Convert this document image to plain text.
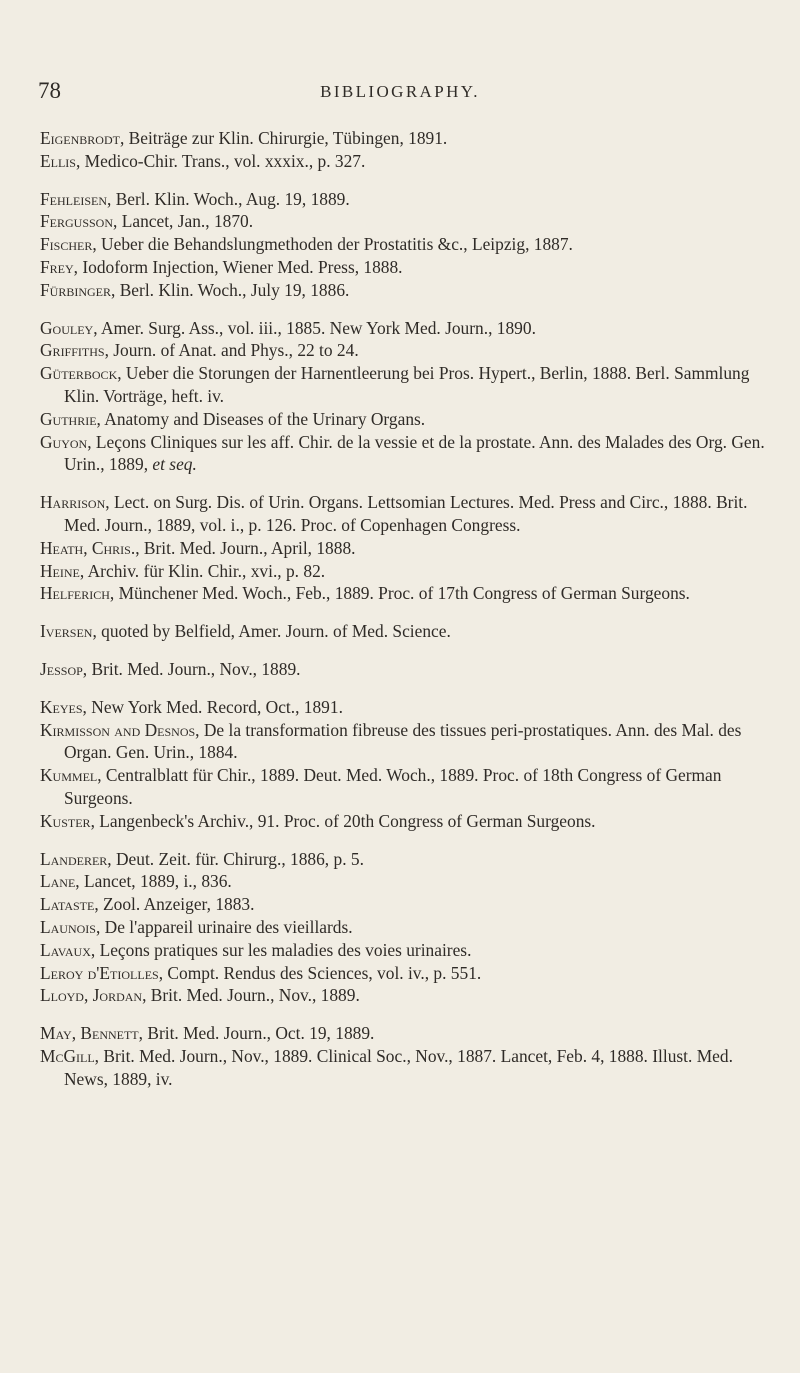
78	BIBLIOGRAPHY.
Eigenbrodt, Beiträge zur Klin. Chirurgie, Tübingen, 1891.
Ellis, Medico-Chir. Trans., vol. xxxix., p. 327.
Fehleisen, Berl. Klin. Woch., Aug. 19, 1889.
Fergusson, Lancet, Jan., 1870.
Fischer, Ueber die Behandslungmethoden der Prostatitis &c., Leipzig, 1887.
Frey, Iodoform Injection, Wiener Med. Press, 1888.
Fürbinger, Berl. Klin. Woch., July 19, 1886.
Gouley, Amer. Surg. Ass., vol. iii., 1885. New York Med. Journ., 1890.
Griffiths, Journ. of Anat. and Phys., 22 to 24.
Güterbock, Ueber die Storungen der Harnentleerung bei Pros. Hypert., Berlin, 1888. Berl. Sammlung Klin. Vorträge, heft. iv.
Guthrie, Anatomy and Diseases of the Urinary Organs.
Guyon, Leçons Cliniques sur les aff. Chir. de la vessie et de la prostate. Ann. des Malades des Org. Gen. Urin., 1889, et seq.
Harrison, Lect. on Surg. Dis. of Urin. Organs. Lettsomian Lectures. Med. Press and Circ., 1888. Brit. Med. Journ., 1889, vol. i., p. 126. Proc. of Copenhagen Congress.
Heath, Chris., Brit. Med. Journ., April, 1888.
Heine, Archiv. für Klin. Chir., xvi., p. 82.
Helferich, Münchener Med. Woch., Feb., 1889. Proc. of 17th Congress of German Surgeons.
Iversen, quoted by Belfield, Amer. Journ. of Med. Science.
Jessop, Brit. Med. Journ., Nov., 1889.
Keyes, New York Med. Record, Oct., 1891.
Kirmisson and Desnos, De la transformation fibreuse des tissues peri-prostatiques. Ann. des Mal. des Organ. Gen. Urin., 1884.
Kummel, Centralblatt für Chir., 1889. Deut. Med. Woch., 1889. Proc. of 18th Congress of German Surgeons.
Kuster, Langenbeck's Archiv., 91. Proc. of 20th Congress of German Surgeons.
Landerer, Deut. Zeit. für. Chirurg., 1886, p. 5.
Lane, Lancet, 1889, i., 836.
Lataste, Zool. Anzeiger, 1883.
Launois, De l'appareil urinaire des vieillards.
Lavaux, Leçons pratiques sur les maladies des voies urinaires.
Leroy d'Etiolles, Compt. Rendus des Sciences, vol. iv., p. 551.
Lloyd, Jordan, Brit. Med. Journ., Nov., 1889.
May, Bennett, Brit. Med. Journ., Oct. 19, 1889.
McGill, Brit. Med. Journ., Nov., 1889. Clinical Soc., Nov., 1887. Lancet, Feb. 4, 1888. Illust. Med. News, 1889, iv.
